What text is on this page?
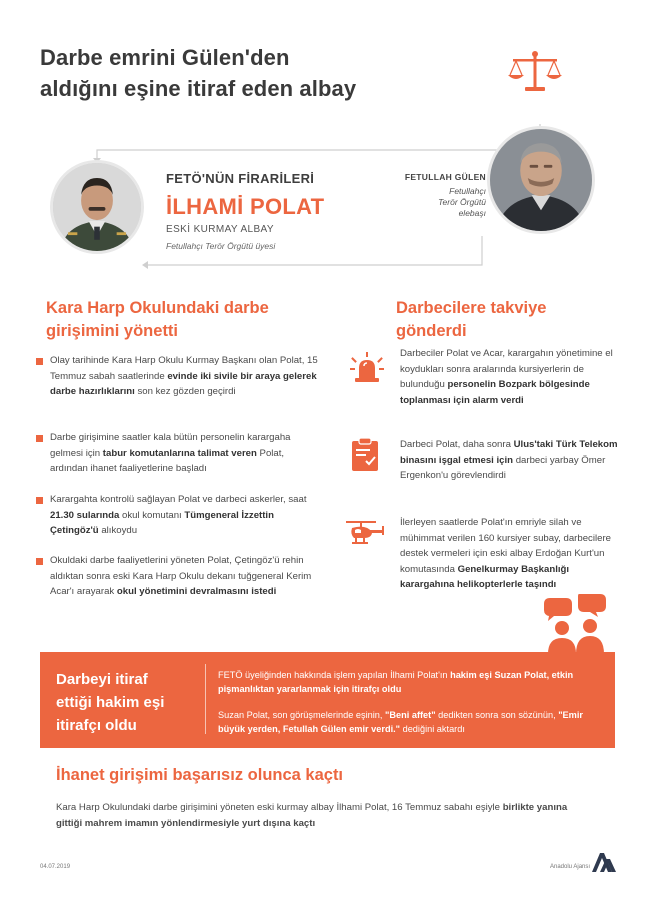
Darbe emrini Gülen'den
aldığını eşine itiraf eden albay
FETÖ'NÜN FİRARİLERİ
İLHAMİ POLAT
ESKİ KURMAY ALBAY
Fetullahçı Terör Örgütü üyesi
FETULLAH GÜLEN
Fetullahçı
Terör Örgütü
elebaşı
Kara Harp Okulundaki darbe
girişimini yönetti
Olay tarihinde Kara Harp Okulu Kurmay Başkanı olan Polat, 15 Temmuz sabah saatlerinde evinde iki sivile bir araya gelerek darbe hazırlıklarını son kez gözden geçirdi
Darbe girişimine saatler kala bütün personelin karargaha gelmesi için tabur komutanlarına talimat veren Polat, ardından ihanet faaliyetlerine başladı
Karargahta kontrolü sağlayan Polat ve darbeci askerler, saat 21.30 sularında okul komutanı Tümgeneral İzzettin Çetingöz'ü alıkoydu
Okuldaki darbe faaliyetlerini yöneten Polat, Çetingöz'ü rehin aldıktan sonra eski Kara Harp Okulu dekanı tuğgeneral Kerim Acar'ı arayarak okul yönetimini devralmasını istedi
Darbecilere takviye
gönderdi
Darbeciler Polat ve Acar, karargahın yönetimine el koydukları sonra aralarında kursiyerlerin de bulunduğu personelin Bozpark bölgesinde toplanması için alarm verdi
Darbeci Polat, daha sonra Ulus'taki Türk Telekom binasını işgal etmesi için darbeci yarbay Ömer Ergenkon'u görevlendirdi
İlerleyen saatlerde Polat'ın emriyle silah ve mühimmat verilen 160 kursiyer subay, darbecilere destek vermeleri için eski albay Erdoğan Kurt'un komutasında Genelkurmay Başkanlığı karargahına helikopterlerle taşındı
Darbeyi itiraf
ettiği hakim eşi
itirafçı oldu
FETÖ üyeliğinden hakkında işlem yapılan İlhami Polat'ın hakim eşi Suzan Polat, etkin pişmanlıktan yararlanmak için itirafçı oldu
Suzan Polat, son görüşmelerinde eşinin, "Beni affet" dedikten sonra son sözünün, "Emir büyük yerden, Fetullah Gülen emir verdi." dediğini aktardı
İhanet girişimi başarısız olunca kaçtı
Kara Harp Okulundaki darbe girişimini yöneten eski kurmay albay İlhami Polat, 16 Temmuz sabahı eşiyle birlikte yanına gittiği mahrem imamın yönlendirmesiyle yurt dışına kaçtı
04.07.2019	Anadolu Ajansı
